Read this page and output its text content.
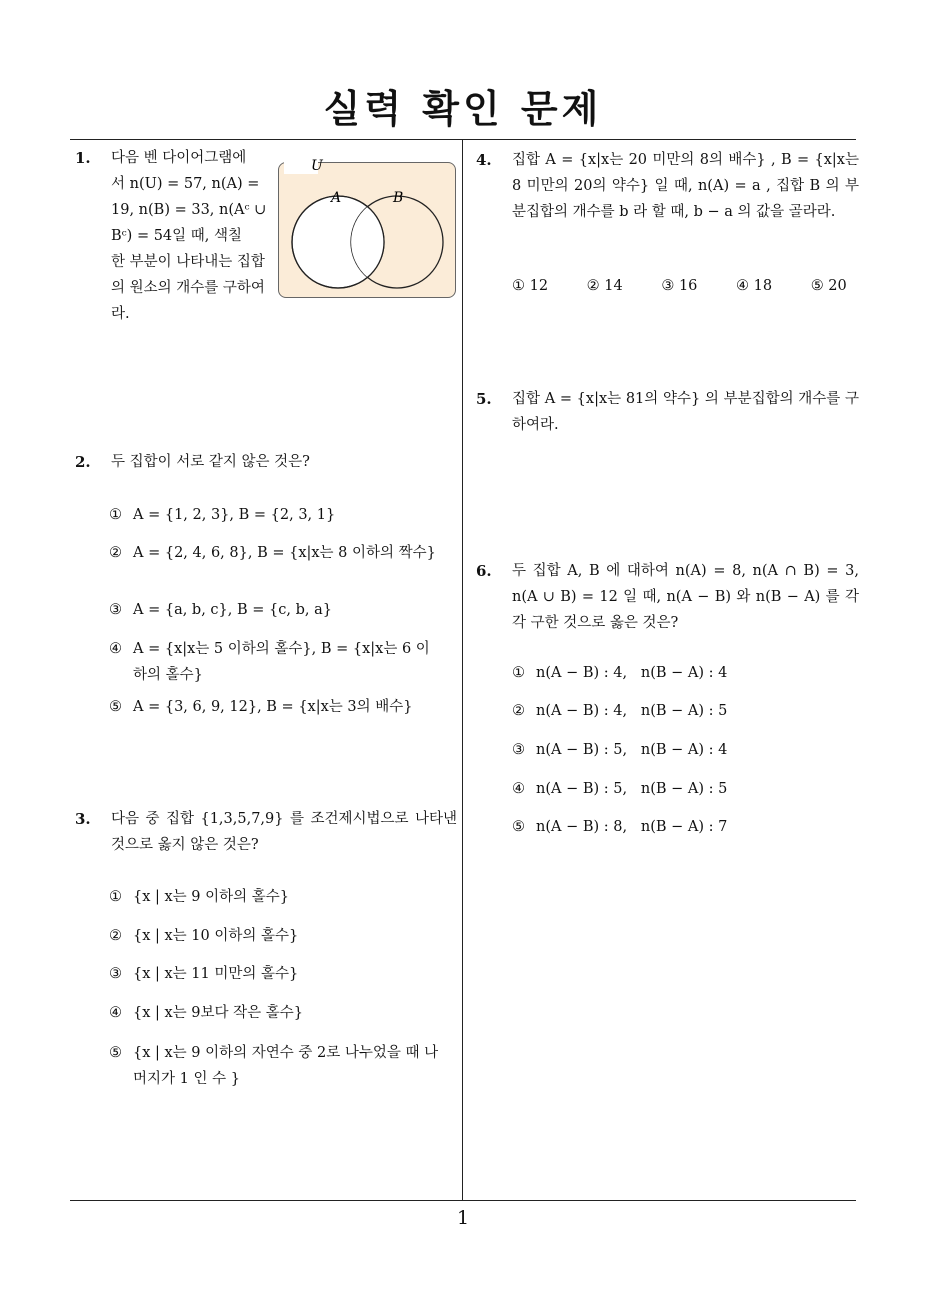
실력 확인 문제
1
1. 다음 벤 다이어그램에
서 n(U) = 57, n(A) =
19, n(B) = 33, n(Aᶜ ∪
Bᶜ) = 54일 때, 색칠
한 부분이 나타내는 집합
의 원소의 개수를 구하여
라.
U
A	B
2. 두 집합이 서로 같지 않은 것은?
① A = {1, 2, 3}, B = {2, 3, 1}
② A = {2, 4, 6, 8}, B = {x|x는 8 이하의 짝수}
③ A = {a, b, c}, B = {c, b, a}
④ A = {x|x는 5 이하의 홀수}, B = {x|x는 6 이하의 홀수}
⑤ A = {3, 6, 9, 12}, B = {x|x는 3의 배수}
3. 다음 중 집합 {1,3,5,7,9} 를 조건제시법으로 나타낸 것으로 옳지 않은 것은?
① {x | x는 9 이하의 홀수}
② {x | x는 10 이하의 홀수}
③ {x | x는 11 미만의 홀수}
④ {x | x는 9보다 작은 홀수}
⑤ {x | x는 9 이하의 자연수 중 2로 나누었을 때 나머지가 1 인 수 }
4. 집합 A = {x|x는 20 미만의 8의 배수} , B = {x|x는 8 미만의 20의 약수} 일 때, n(A) = a , 집합 B 의 부분집합의 개수를 b 라 할 때, b − a 의 값을 골라라.
① 12	② 14	③ 16	④ 18	⑤ 20
5. 집합 A = {x|x는 81의 약수} 의 부분집합의 개수를 구하여라.
6. 두 집합 A, B 에 대하여 n(A) = 8, n(A ∩ B) = 3, n(A ∪ B) = 12 일 때, n(A − B) 와 n(B − A) 를 각각 구한 것으로 옳은 것은?
① n(A − B) : 4,   n(B − A) : 4
② n(A − B) : 4,   n(B − A) : 5
③ n(A − B) : 5,   n(B − A) : 4
④ n(A − B) : 5,   n(B − A) : 5
⑤ n(A − B) : 8,   n(B − A) : 7
